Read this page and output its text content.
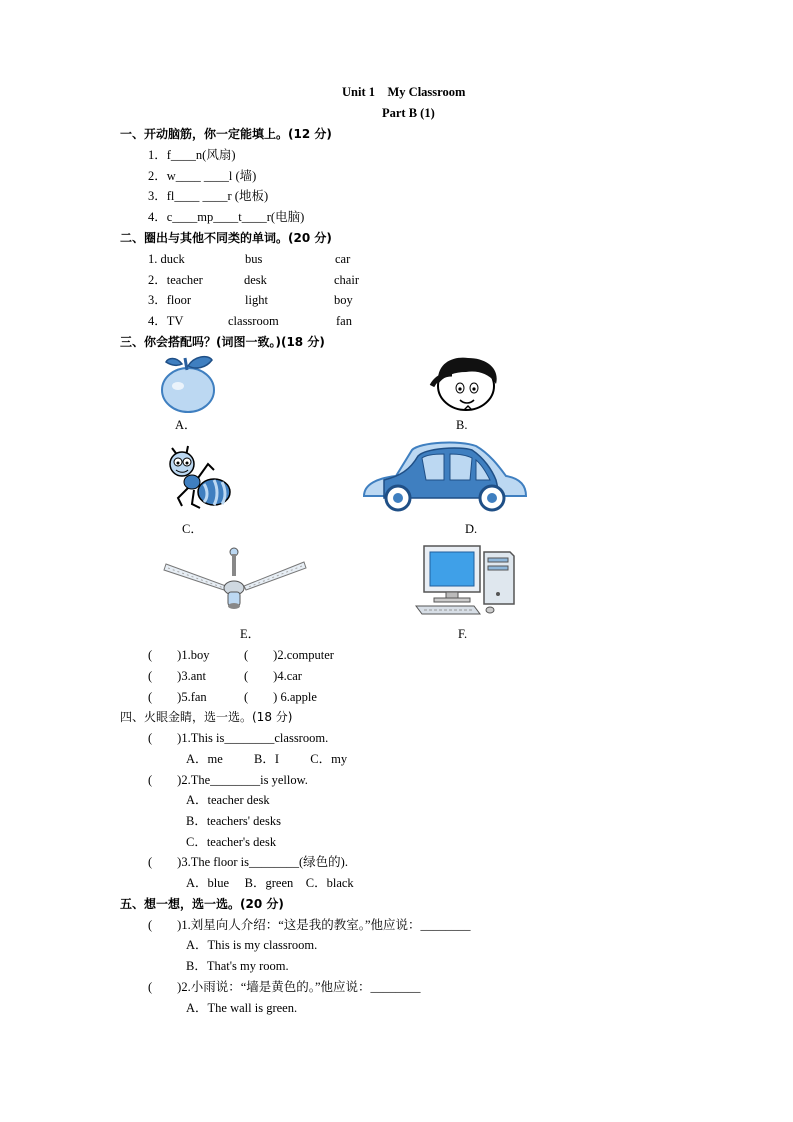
Unit 1    My Classroom
Part B (1)
一、开动脑筋，你一定能填上。(12 分)
1．f____n(风扇)
2．w____ ____l (墙)
3．fl____ ____r (地板)
4．c____mp____t____r(电脑)
二、圈出与其他不同类的单词。(20 分)
1. duck	bus	car
2．teacher	desk	chair
3．floor	light	boy
4．TV	classroom	fan
三、你会搭配吗？(词图一致。)(18 分)
A．	B.
C．	D.
E．	F.
(        )1.boy	(        )2.computer
(        )3.ant	(        )4.car
(        )5.fan	(        ) 6.apple
四、火眼金睛，选一选。(18 分)
(        )1.This is________classroom.
A．me          B．I          C．my
(        )2.The________is yellow.
A．teacher desk
B．teachers' desks
C．teacher's desk
(        )3.The floor is________(绿色的).
A．blue     B．green    C．black
五、想一想，选一选。(20 分)
(        )1.刘星向人介绍：“这是我的教室。”他应说：________
A．This is my classroom.
B．That's my room.
(        )2.小雨说：“墙是黄色的。”他应说：________
A．The wall is green.
